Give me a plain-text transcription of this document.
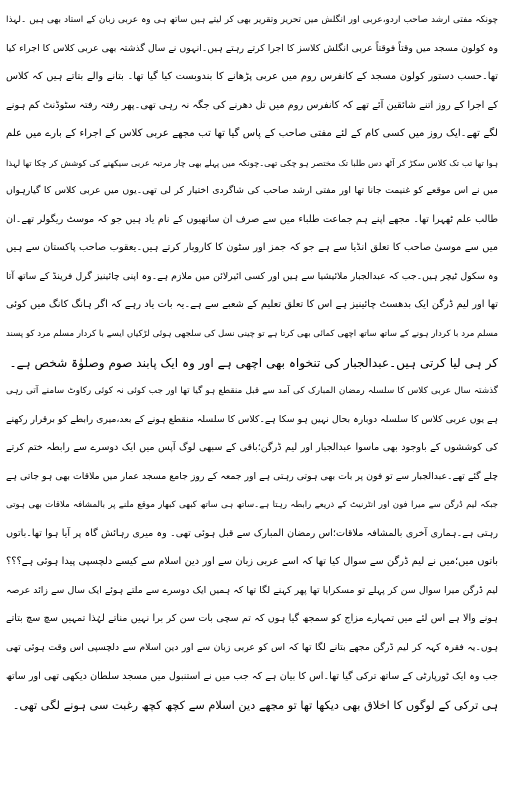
چونکہ مفتی ارشد صاحب اردو،عربی اور انگلش میں تحریر وتقریر بھی کر لیتے ہیں ساتھ ہی وہ عربی زبان کے استاد بھی ہیں ۔لہذا
وہ کولون مسجد میں وقتاً فوقتاً عربی انگلش کلاسز کا اجرا کرتے رہتے ہیں۔انہوں نے سال گذشتہ بھی عربی کلاس کا اجراء کیا
تھا۔حسب دستور کولون مسجد کے کانفرس روم میں عربی پڑھانے کا بندوبست کیا گیا تھا۔ بتانے والے بتاتے ہیں کہ کلاس
کے اجرا کے روز اتنے شائقین آئے تھے کہ کانفرس روم میں تل دھرنے کی جگہ نہ رہی تھی۔پھر رفتہ رفتہ سٹوڈنٹ کم ہونے
لگے تھے۔ایک روز میں کسی کام کے لئے مفتی صاحب کے پاس گیا تھا تب مجھے عربی کلاس کے اجراء کے بارے میں علم
ہوا تھا تب تک کلاس سکڑ کر آٹھ دس طلبا تک مختصر ہو چکی تھی۔چونکہ میں پہلے بھی چار مرتبہ عربی سیکھنے کی کوشش کر چکا تھا لہذا
میں نے اس موقعے کو غنیمت جانا تھا اور مفتی ارشد صاحب کی شاگردی اختیار کر لی تھی۔یوں میں عربی کلاس کا گیارہواں
طالب علم ٹھہرا تھا۔ مجھے اپنے ہم جماعت طلباء میں سے صرف ان ساتھیوں کے نام یاد ہیں جو کہ موسٹ ریگولر تھے۔ان
میں سے موسیٰ صاحب کا تعلق انڈیا سے ہے جو کہ جمز اور سٹون کا کاروبار کرتے ہیں۔یعقوب صاحب پاکستان سے ہیں
وہ سکول ٹیچر ہیں۔جب کہ عبدالجبار ملائیشیا سے ہیں اور کسی ائیرلائن میں ملازم ہے۔وہ اپنی چائینیز گرل فرینڈ کے ساتھ آتا
تھا اور لیم ڈرگن ایک بدھسٹ چائینیز ہے اس کا تعلق تعلیم کے شعبے سے ہے۔یہ بات یاد رہے کہ اگر ہانگ کانگ میں کوئی
مسلم مرد با کردار ہونے کے ساتھ ساتھ اچھی کمائی بھی کرتا ہے تو چینی نسل کی سلجھی ہوئی لڑکیاں ایسے با کردار مسلم مرد کو پسند
کر ہی لیا کرتی ہیں۔عبدالجبار کی تنخواہ بھی اچھی ہے اور وہ ایک پابند صوم وصلوٰۃ شخص ہے۔
گذشتہ سال عربی کلاس کا سلسلہ رمضان المبارک کی آمد سے قبل منقطع ہو گیا تھا اور جب کوئی نہ کوئی رکاوٹ سامنے آتی رہی
ہے یوں عربی کلاس کا سلسلہ دوبارہ بحال نہیں ہو سکا ہے۔کلاس کا سلسلہ منقطع ہونے کے بعد،میری رابطے کو برقرار رکھنے
کی کوششوں کے باوجود بھی ماسوا عبدالجبار اور لیم ڈرگن؛باقی کے سبھی لوگ آپس میں ایک دوسرے سے رابطہ ختم کرتے
چلے گئے تھے۔عبدالجبار سے تو فون پر بات بھی ہوتی رہتی ہے اور جمعہ کے روز جامع مسجد عمار میں ملاقات بھی ہو جاتی ہے
جبکہ لیم ڈرگن سے میرا فون اور انٹرنیٹ کے ذریعے رابطہ رہتا ہے۔ساتھ ہی ساتھ کبھی کبھار موقع ملنے پر بالمشافہ ملاقات بھی ہوتی
رہتی ہے۔ہماری آخری بالمشافہ ملاقات؛اس رمضان المبارک سے قبل ہوئی تھی۔ وہ میری رہائش گاہ پر آیا ہوا تھا۔باتوں
باتوں میں؛میں نے لیم ڈرگن سے سوال کیا تھا کہ اسے عربی زبان سے اور دین اسلام سے کیسے دلچسپی پیدا ہوئی ہے؟؟؟
لیم ڈرگن میرا سوال سن کر پہلے تو مسکرایا تھا پھر کہنے لگا تھا کہ ہمیں ایک دوسرے سے ملتے ہوئے ایک سال سے زائد عرصہ
ہونے والا ہے اس لئے میں تمہارے مزاج کو سمجھ گیا ہوں کہ تم سچی بات سن کر برا نہیں مناتے لہٰذا تمہیں سچ سچ بتاتے
ہوں۔یہ فقرہ کہہ کر لیم ڈرگن مجھے بتانے لگا تھا کہ اس کو عربی زبان سے اور دین اسلام سے دلچسپی اس وقت ہوئی تھی
جب وہ ایک ٹورپارٹی کے ساتھ ترکی گیا تھا۔اس کا بیان ہے کہ جب میں نے استنبول میں مسجد سلطان دیکھی تھی اور ساتھ
ہی ترکی کے لوگوں کا اخلاق بھی دیکھا تھا تو مجھے دین اسلام سے کچھ کچھ رغبت سی ہونے لگی تھی۔
